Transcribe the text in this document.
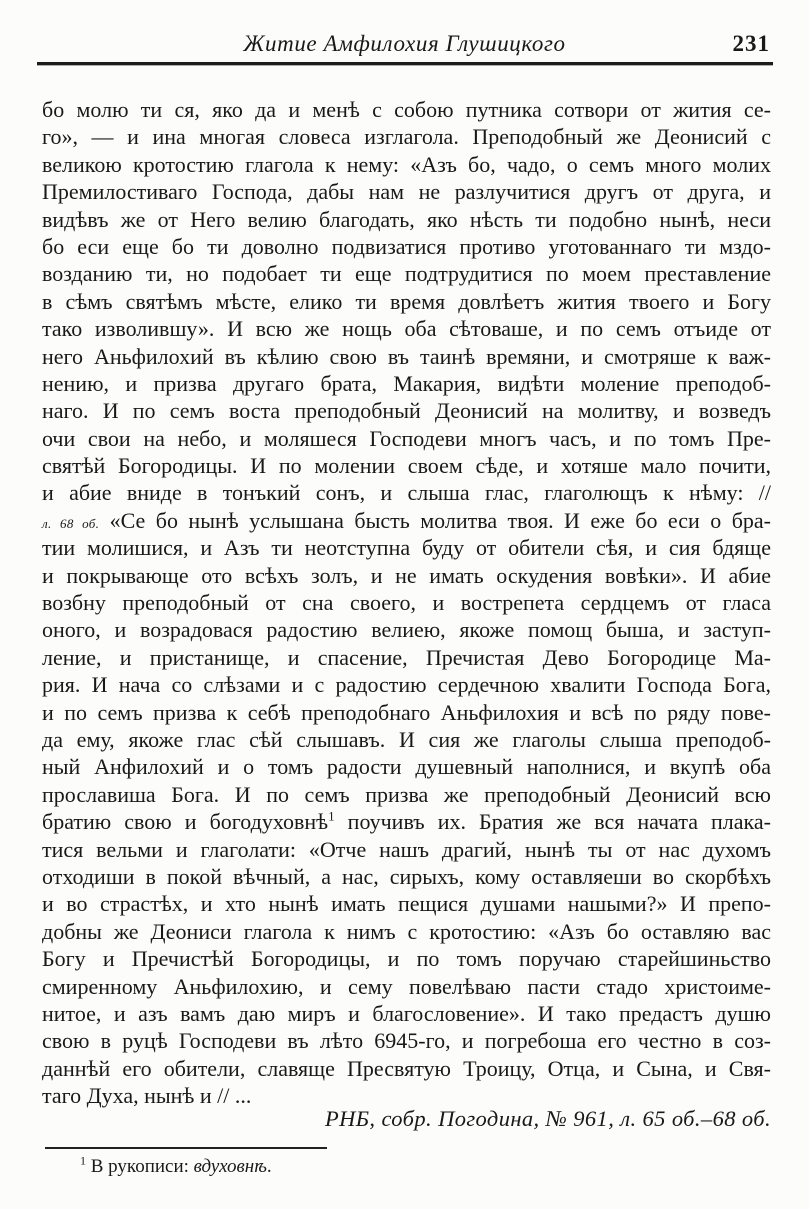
Житие Амфилохия Глушицкого	231
бо молю ти ся, яко да и менѣ с собою путника сотвори от жития се-
го», — и ина многая словеса изглагола. Преподобный же Деонисий с
великою кротостию глагола к нему: «Азъ бо, чадо, о семъ много молих
Премилостиваго Господа, дабы нам не разлучитися другъ от друга, и
видѣвъ же от Него велию благодать, яко нѣсть ти подобно нынѣ, неси
бо еси еще бо ти доволно подвизатися противо уготованнаго ти мздо-
возданию ти, но подобает ти еще подтрудитися по моем преставление
в сѣмъ святѣмъ мѣсте, елико ти время довлѣетъ жития твоего и Богу
тако изволившу». И всю же нощь оба сѣтоваше, и по семъ отъиде от
него Аньфилохий въ кѣлию свою въ таинѣ времяни, и смотряше к важ-
нению, и призва другаго брата, Макария, видѣти моление преподоб-
наго. И по семъ воста преподобный Деонисий на молитву, и возведъ
очи свои на небо, и моляшеся Господеви многъ часъ, и по томъ Пре-
святѣй Богородицы. И по молении своем сѣде, и хотяше мало почити,
и абие вниде в тонъкий сонъ, и слыша глас, глаголющъ к нѣму: //
л. 68 об. «Се бо нынѣ услышана бысть молитва твоя. И еже бо еси о бра-
тии молишися, и Азъ ти неотступна буду от обители сѣя, и сия бдяще
и покрывающе ото всѣхъ золъ, и не имать оскудения вовѣки». И абие
возбну преподобный от сна своего, и вострепета сердцемъ от гласа
оного, и возрадовася радостию велиею, якоже помощ быша, и заступ-
ление, и пристанище, и спасение, Пречистая Дево Богородице Ма-
рия. И нача со слѣзами и с радостию сердечною хвалити Господа Бога,
и по семъ призва к себѣ преподобнаго Аньфилохия и всѣ по ряду пове-
да ему, якоже глас сѣй слышавъ. И сия же глаголы слыша преподоб-
ный Анфилохий и о томъ радости душевный наполнися, и вкупѣ оба
прославиша Бога. И по семъ призва же преподобный Деонисий всю
братию свою и богодуховнѣ$^1$ поучивъ их. Братия же вся начата плака-
тися вельми и глаголати: «Отче нашъ драгий, нынѣ ты от нас духомъ
отходиши в покой вѣчный, а нас, сирыхъ, кому оставляеши во скорбѣхъ
и во страстѣх, и хто нынѣ имать пещися душами нашыми?» И препо-
добны же Деониси глагола к нимъ с кротостию: «Азъ бо оставляю вас
Богу и Пречистѣй Богородицы, и по томъ поручаю старейшиньство
смиренному Аньфилохию, и сему повелѣваю пасти стадо христоиме-
нитое, и азъ вамъ даю миръ и благословение». И тако предастъ душю
свою в руцѣ Господеви въ лѣто 6945-го, и погребоша его честно в соз-
даннѣй его обители, славяще Пресвятую Троицу, Отца, и Сына, и Свя-
таго Духа, нынѣ и // ...
РНБ, собр. Погодина, № 961, л. 65 об.–68 об.
$^1$ В рукописи: вдуховнѣ.
